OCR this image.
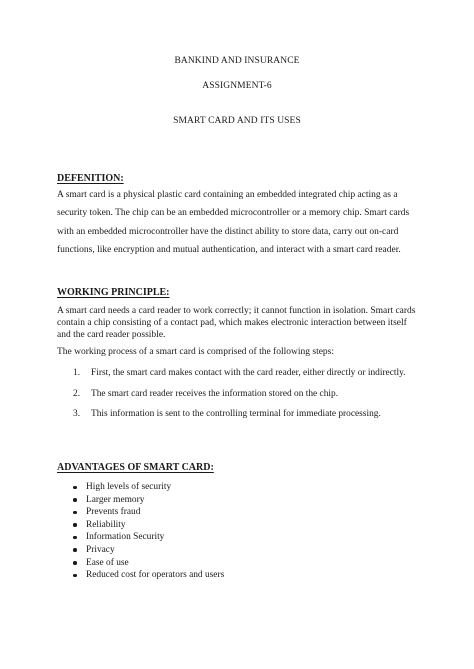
BANKIND AND INSURANCE
ASSIGNMENT-6
SMART CARD AND ITS USES
DEFENITION:

A smart card is a physical plastic card containing an embedded integrated chip acting as a security token. The chip can be an embedded microcontroller or a memory chip. Smart cards with an embedded microcontroller have the distinct ability to store data, carry out on-card functions, like encryption and mutual authentication, and interact with a smart card reader.

WORKING PRINCIPLE:

A smart card needs a card reader to work correctly; it cannot function in isolation. Smart cards contain a chip consisting of a contact pad, which makes electronic interaction between itself and the card reader possible.

The working process of a smart card is comprised of the following steps:

1. First, the smart card makes contact with the card reader, either directly or indirectly.
2. The smart card reader receives the information stored on the chip.
3. This information is sent to the controlling terminal for immediate processing.
ADVANTAGES OF SMART CARD:
High levels of security
Larger memory
Prevents fraud
Reliability
Information Security
Privacy
Ease of use
Reduced cost for operators and users
